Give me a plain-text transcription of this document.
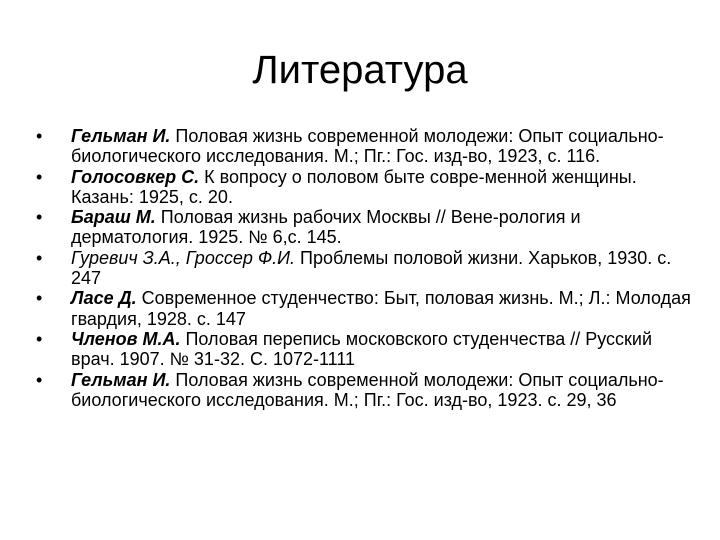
Литература
• Гельман И. Половая жизнь современной молодежи: Опыт социально-биологического исследования. М.; Пг.: Гос. изд-во, 1923, с. 116.
• Голосовкер С. К вопросу о половом быте совре-менной женщины. Казань: 1925, с. 20.
• Бараш М. Половая жизнь рабочих Москвы // Вене-рология и дерматология. 1925. № 6,с. 145.
• Гуревич З.А., Гроссер Ф.И. Проблемы половой жизни. Харьков, 1930. с. 247
• Ласе Д. Современное студенчество: Быт, половая жизнь. М.; Л.: Молодая гвардия, 1928. с. 147
• Членов М.А. Половая перепись московского студенчества // Русский врач. 1907. № 31-32. С. 1072-1111
• Гельман И. Половая жизнь современной молодежи: Опыт социально-биологического исследования. М.; Пг.: Гос. изд-во, 1923. с. 29, 36
